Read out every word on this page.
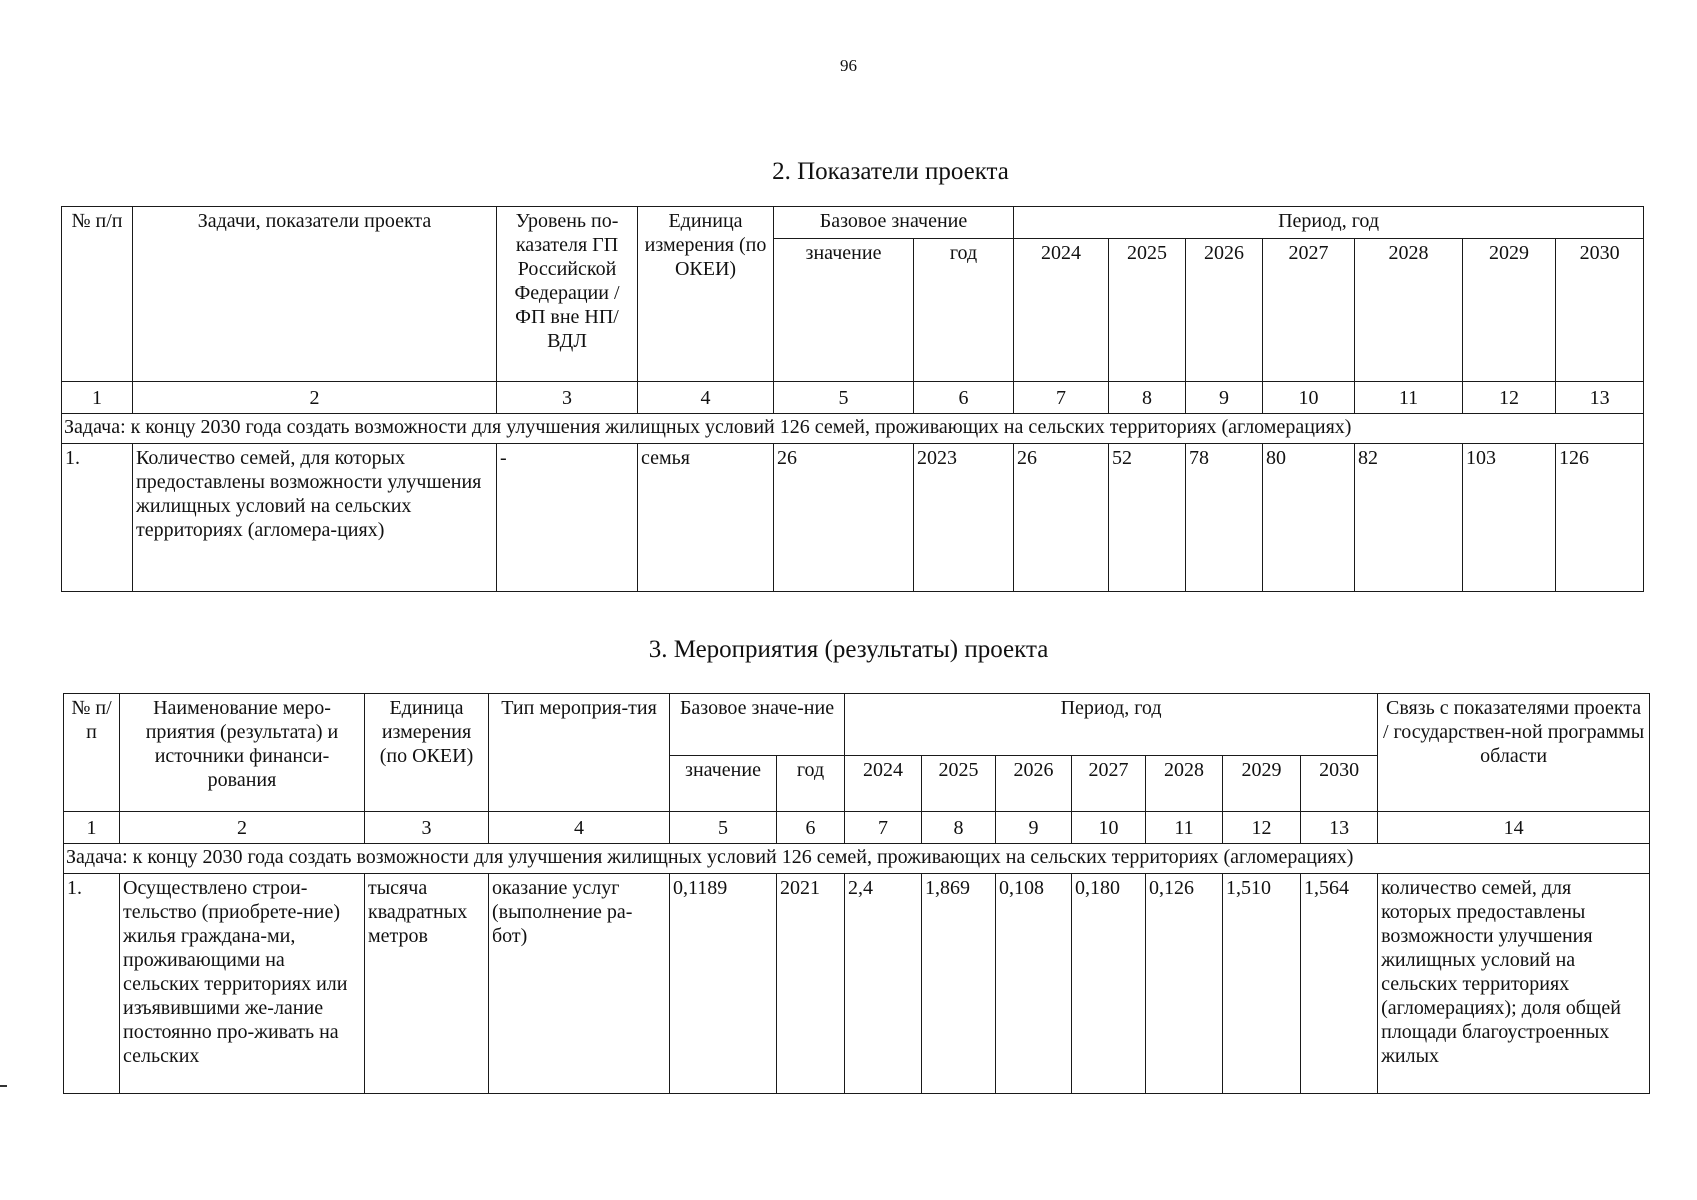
96
2. Показатели проекта
№ п/п	Задачи, показатели проекта	Уровень по-казателя ГП Российской Федерации /ФП вне НП/ВДЛ	Единица измерения (по ОКЕИ)	Базовое значение		Период, год						
				значение	год	2024	2025	2026	2027	2028	2029	2030
1	2	3	4	5	6	7	8	9	10	11	12	13
Задача: к концу 2030 года создать возможности для улучшения жилищных условий 126 семей, проживающих на сельских территориях (агломерациях)												
1.	Количество семей, для которых предоставлены возможности улучшения жилищных условий на сельских территориях (агломера-циях)	-	семья	26	2023	26	52	78	80	82	103	126
3. Мероприятия (результаты) проекта
№ п/п	Наименование меро-приятия (результата) и источники финанси-рования	Единица измерения (по ОКЕИ)	Тип мероприя-тия	Базовое значе-ние		Период, год							Связь с показателями проекта / государствен-ной программы области
				значение	год	2024	2025	2026	2027	2028	2029	2030	
1	2	3	4	5	6	7	8	9	10	11	12	13	14
Задача: к концу 2030 года создать возможности для улучшения жилищных условий 126 семей, проживающих на сельских территориях (агломерациях)													
1.	Осуществлено строи-тельство (приобрете-ние) жилья граждана-ми, проживающими на сельских территориях или изъявившими же-лание постоянно про-живать на сельских	тысяча квадратных метров	оказание услуг (выполнение ра-бот)	0,1189	2021	2,4	1,869	0,108	0,180	0,126	1,510	1,564	количество семей, для которых предоставлены возможности улучшения жилищных условий на сельских территориях (агломерациях); доля общей площади благоустроенных жилых
